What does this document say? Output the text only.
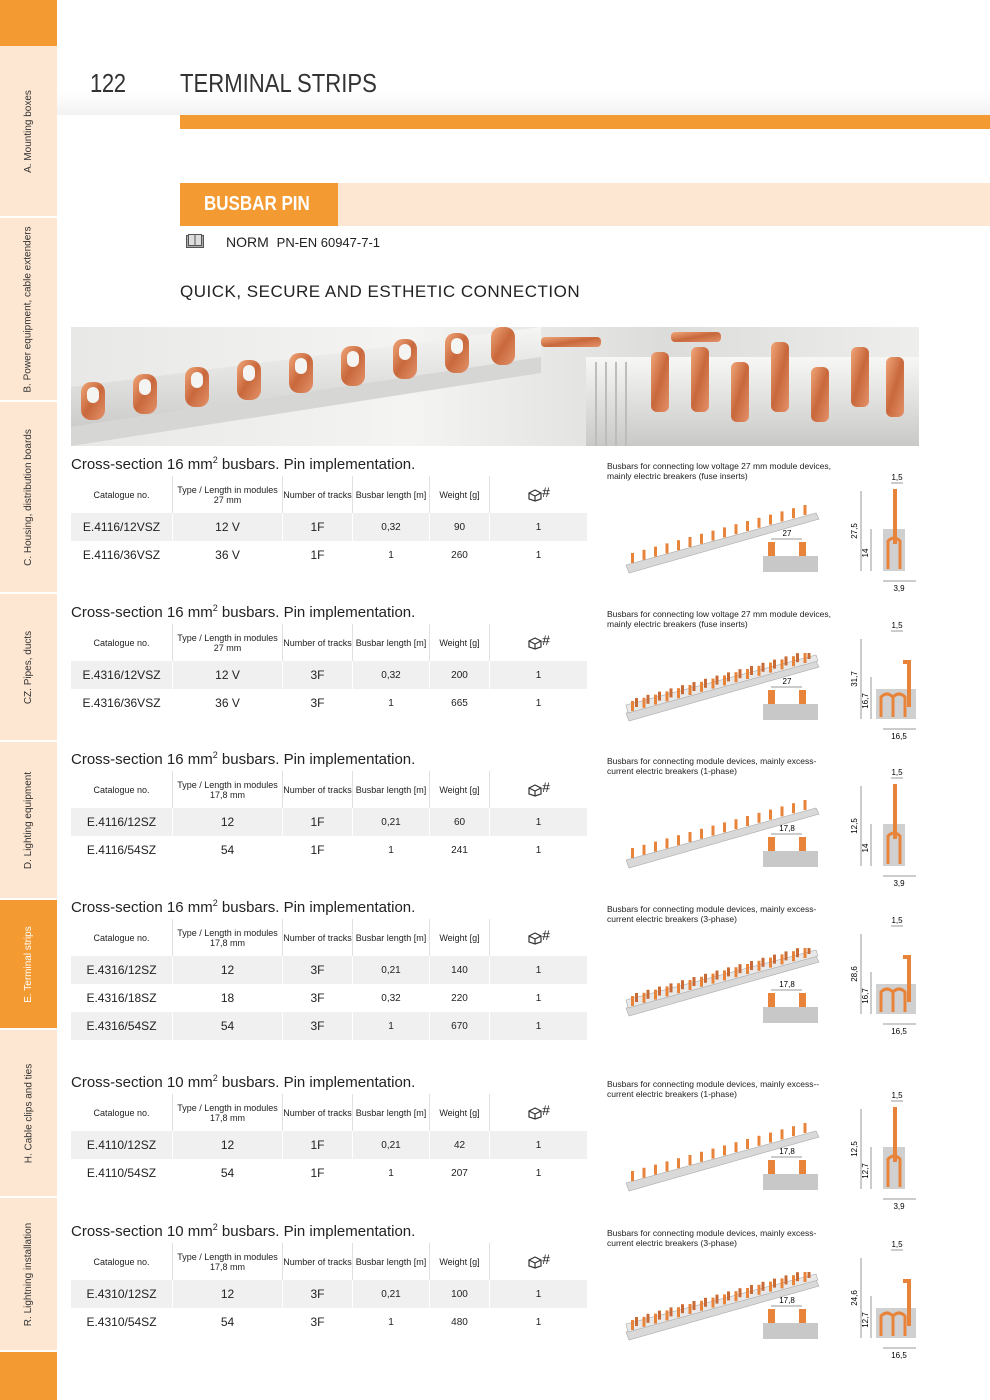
A. Mounting boxes
B. Power equipment, cable extenders
C. Housing, distribution boards
CZ. Pipes, ducts
D. Lighting equipment
E. Terminal strips
H. Cable clips and ties
R. Lightning installation
122 TERMINAL STRIPS
BUSBAR PIN
NORM PN-EN 60947-7-1
QUICK, SECURE AND ESTHETIC CONNECTION
Cross-section 16 $mm^2$ busbars. Pin implementation.
Catalogue no.	Type / Length in modules 27 mm	Number of tracks	Busbar length [m]	Weight [g]	#
E.4116/12VSZ	12 V	1F	0,32	90	1
E.4116/36VSZ	36 V	1F	1	260	1
Busbars for connecting low voltage 27 mm module devices, mainly electric breakers (fuse inserts)
27
1,5
27,5
14
3,9
Cross-section 16 $mm^2$ busbars. Pin implementation.
Catalogue no.	Type / Length in modules 27 mm	Number of tracks	Busbar length [m]	Weight [g]	#
E.4316/12VSZ	12 V	3F	0,32	200	1
E.4316/36VSZ	36 V	3F	1	665	1
Busbars for connecting low voltage 27 mm module devices, mainly electric breakers (fuse inserts)
27
1,5
31,7
16,7
16,5
Cross-section 16 $mm^2$ busbars. Pin implementation.
Catalogue no.	Type / Length in modules 17,8 mm	Number of tracks	Busbar length [m]	Weight [g]	#
E.4116/12SZ	12	1F	0,21	60	1
E.4116/54SZ	54	1F	1	241	1
Busbars for connecting module devices, mainly excess-current electric breakers (1-phase)
17,8
1,5
12,5
14
3,9
Cross-section 16 $mm^2$ busbars. Pin implementation.
Catalogue no.	Type / Length in modules 17,8 mm	Number of tracks	Busbar length [m]	Weight [g]	#
E.4316/12SZ	12	3F	0,21	140	1
E.4316/18SZ	18	3F	0,32	220	1
E.4316/54SZ	54	3F	1	670	1
Busbars for connecting module devices, mainly excess-current electric breakers (3-phase)
17,8
1,5
28,6
16,7
16,5
Cross-section 10 $mm^2$ busbars. Pin implementation.
Catalogue no.	Type / Length in modules 17,8 mm	Number of tracks	Busbar length [m]	Weight [g]	#
E.4110/12SZ	12	1F	0,21	42	1
E.4110/54SZ	54	1F	1	207	1
Busbars for connecting module devices, mainly excess--current electric breakers (1-phase)
17,8
1,5
12,5
12,7
3,9
Cross-section 10 $mm^2$ busbars. Pin implementation.
Catalogue no.	Type / Length in modules 17,8 mm	Number of tracks	Busbar length [m]	Weight [g]	#
E.4310/12SZ	12	3F	0,21	100	1
E.4310/54SZ	54	3F	1	480	1
Busbars for connecting module devices, mainly excess-current electric breakers (3-phase)
17,8
1,5
24,6
12,7
16,5
